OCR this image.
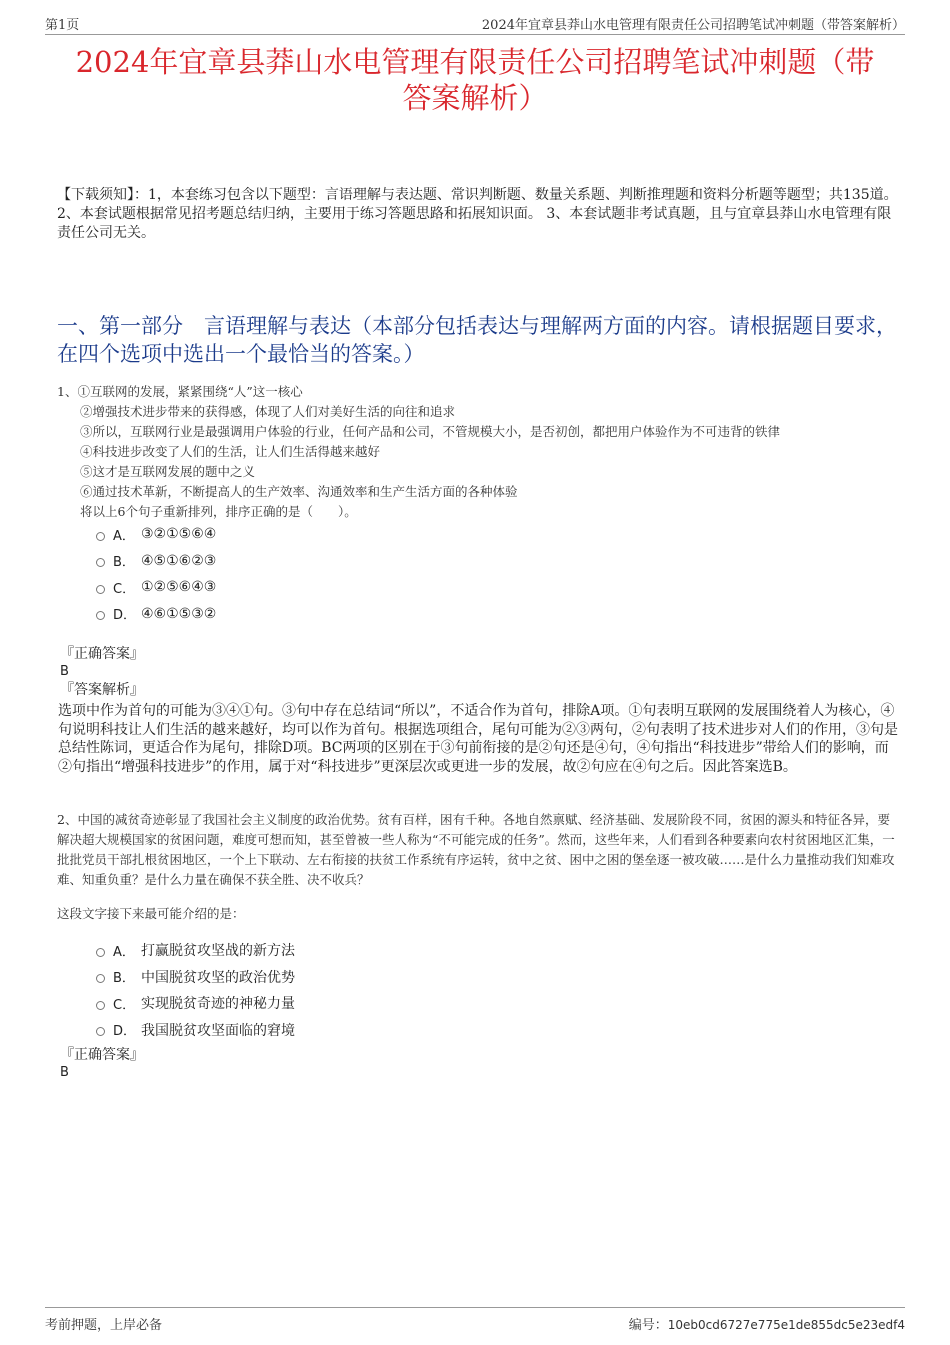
第1页	2024年宜章县莽山水电管理有限责任公司招聘笔试冲刺题（带答案解析）
2024年宜章县莽山水电管理有限责任公司招聘笔试冲刺题（带
答案解析）
【下载须知】：1，本套练习包含以下题型：言语理解与表达题、常识判断题、数量关系题、判断推理题和资料分析题等题型；共135道。 2、本套试题根据常见招考题总结归纳，主要用于练习答题思路和拓展知识面。 3、本套试题非考试真题，且与宜章县莽山水电管理有限责任公司无关。
一、第一部分　言语理解与表达（本部分包括表达与理解两方面的内容。请根据题目要求，在四个选项中选出一个最恰当的答案。）
1、①互联网的发展，紧紧围绕“人”这一核心
②增强技术进步带来的获得感，体现了人们对美好生活的向往和追求
③所以，互联网行业是最强调用户体验的行业，任何产品和公司，不管规模大小，是否初创，都把用户体验作为不可违背的铁律
④科技进步改变了人们的生活，让人们生活得越来越好
⑤这才是互联网发展的题中之义
⑥通过技术革新，不断提高人的生产效率、沟通效率和生产生活方面的各种体验
将以上6个句子重新排列，排序正确的是（　　）。
A． ③②①⑤⑥④
B． ④⑤①⑥②③
C． ①②⑤⑥④③
D． ④⑥①⑤③②
『正确答案』
B
『答案解析』
选项中作为首句的可能为③④①句。③句中存在总结词“所以”，不适合作为首句，排除A项。①句表明互联网的发展围绕着人为核心，④句说明科技让人们生活的越来越好，均可以作为首句。根据选项组合，尾句可能为②③两句，②句表明了技术进步对人们的作用，③句是总结性陈词，更适合作为尾句，排除D项。BC两项的区别在于③句前衔接的是②句还是④句，④句指出“科技进步”带给人们的影响，而②句指出“增强科技进步”的作用，属于对“科技进步”更深层次或更进一步的发展，故②句应在④句之后。因此答案选B。
2、中国的减贫奇迹彰显了我国社会主义制度的政治优势。贫有百样，困有千种。各地自然禀赋、经济基础、发展阶段不同，贫困的源头和特征各异，要解决超大规模国家的贫困问题，难度可想而知，甚至曾被一些人称为“不可能完成的任务”。然而，这些年来，人们看到各种要素向农村贫困地区汇集，一批批党员干部扎根贫困地区，一个上下联动、左右衔接的扶贫工作系统有序运转，贫中之贫、困中之困的堡垒逐一被攻破……是什么力量推动我们知难攻难、知重负重？是什么力量在确保不获全胜、决不收兵？
这段文字接下来最可能介绍的是：
A． 打赢脱贫攻坚战的新方法
B． 中国脱贫攻坚的政治优势
C． 实现脱贫奇迹的神秘力量
D． 我国脱贫攻坚面临的窘境
『正确答案』
B
考前押题，上岸必备	编号：10eb0cd6727e775e1de855dc5e23edf4
